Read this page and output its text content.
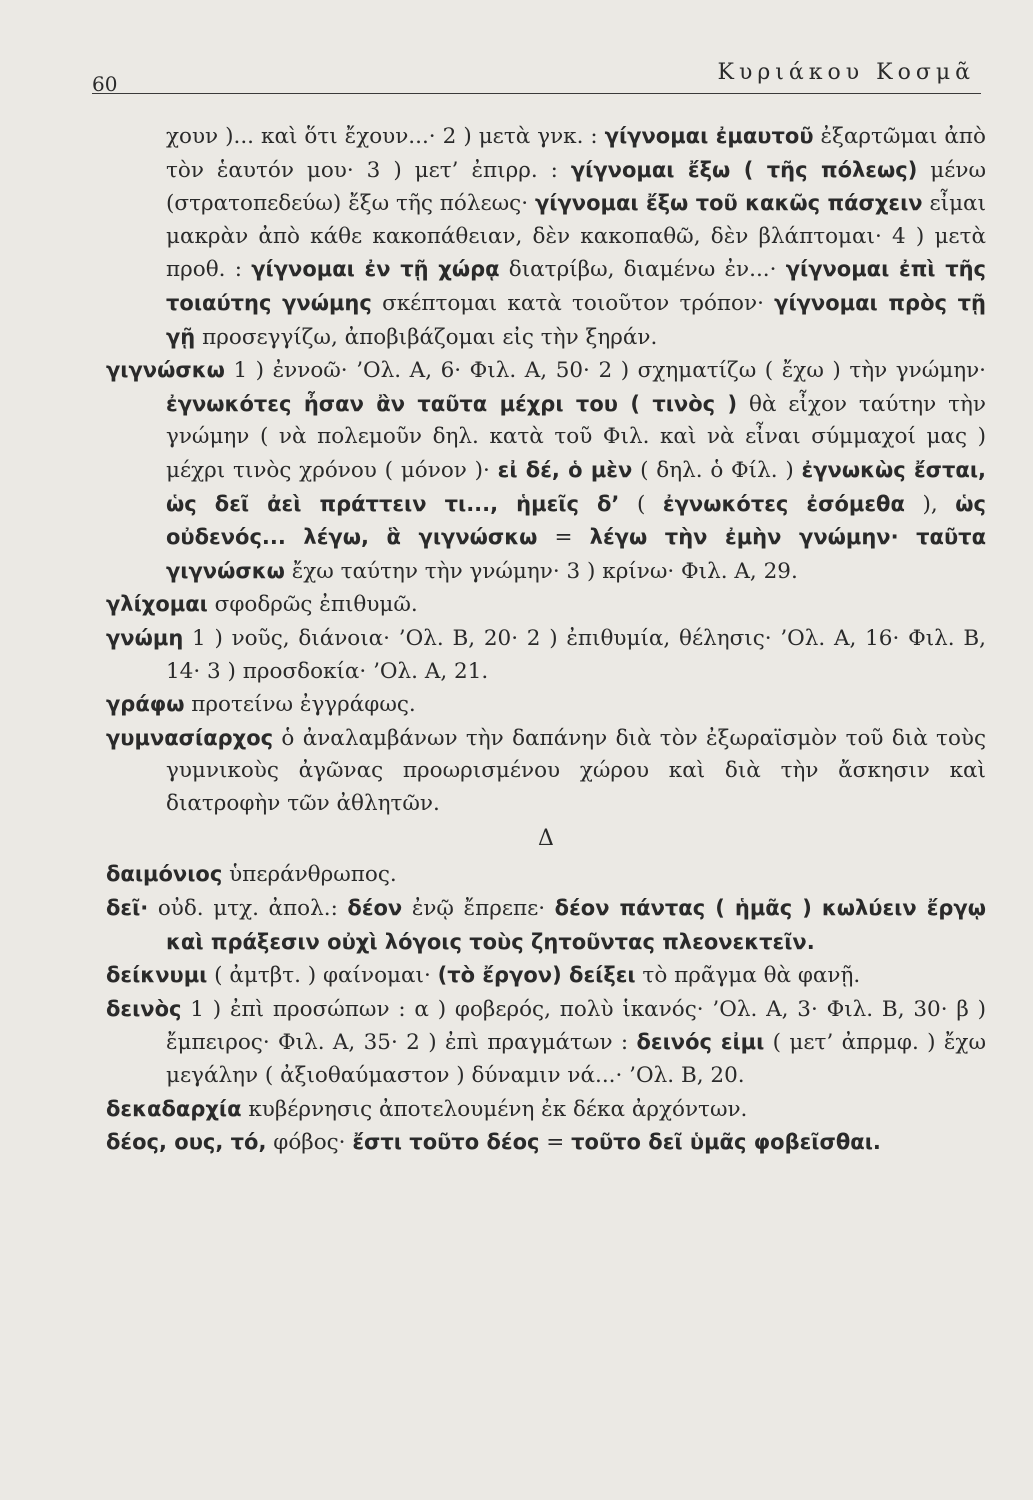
60	Κυριάκου Κοσμᾶ

χουν )... καὶ ὅτι ἔχουν...· 2 ) μετὰ γνκ. : γίγνομαι ἐμαυτοῦ ἐξαρτῶμαι ἀπὸ τὸν ἑαυτόν μου· 3 ) μετ’ ἐπιρρ. : γίγνομαι ἔξω ( τῆς πόλεως) μένω (στρατοπεδεύω) ἔξω τῆς πόλεως· γίγνομαι ἔξω τοῦ κακῶς πάσχειν εἶμαι μακρὰν ἀπὸ κάθε κακοπάθειαν, δὲν κακοπαθῶ, δὲν βλάπτομαι· 4 ) μετὰ προθ. : γίγνομαι ἐν τῇ χώρᾳ διατρίβω, διαμένω ἐν...· γίγνομαι ἐπὶ τῆς τοιαύτης γνώμης σκέπτομαι κατὰ τοιοῦτον τρόπον· γίγνομαι πρὸς τῇ γῇ προσεγγίζω, ἀποβιβάζομαι εἰς τὴν ξηράν.

γιγνώσκω 1 ) ἐννοῶ· ’Ολ. Α, 6· Φιλ. Α, 50· 2 ) σχηματίζω ( ἔχω ) τὴν γνώμην· ἐγνωκότες ἦσαν ἂν ταῦτα μέχρι του ( τινὸς ) θὰ εἶχον ταύτην τὴν γνώμην ( νὰ πολεμοῦν δηλ. κατὰ τοῦ Φιλ. καὶ νὰ εἶναι σύμμαχοί μας ) μέχρι τινὸς χρόνου ( μόνον )· εἰ δέ, ὁ μὲν ( δηλ. ὁ Φίλ. ) ἐγνωκὼς ἔσται, ὡς δεῖ ἀεὶ πράττειν τι..., ἡμεῖς δ’ ( ἐγνωκότες ἐσόμεθα ), ὡς οὐδενός... λέγω, ἃ γιγνώσκω = λέγω τὴν ἐμὴν γνώμην· ταῦτα γιγνώσκω ἔχω ταύτην τὴν γνώμην· 3 ) κρίνω· Φιλ. Α, 29.

γλίχομαι σφοδρῶς ἐπιθυμῶ.

γνώμη 1 ) νοῦς, διάνοια· ’Ολ. Β, 20· 2 ) ἐπιθυμία, θέλησις· ’Ολ. Α, 16· Φιλ. Β, 14· 3 ) προσδοκία· ’Ολ. Α, 21.

γράφω προτείνω ἐγγράφως.

γυμνασίαρχος ὁ ἀναλαμβάνων τὴν δαπάνην διὰ τὸν ἐξωραϊσμὸν τοῦ διὰ τοὺς γυμνικοὺς ἀγῶνας προωρισμένου χώρου καὶ διὰ τὴν ἄσκησιν καὶ διατροφὴν τῶν ἀθλητῶν.

Δ

δαιμόνιος ὑπεράνθρωπος.

δεῖ· οὐδ. μτχ. ἀπολ.: δέον ἐνῷ ἔπρεπε· δέον πάντας ( ἡμᾶς ) κωλύειν ἔργῳ καὶ πράξεσιν οὐχὶ λόγοις τοὺς ζητοῦντας πλεονεκτεῖν.

δείκνυμι ( ἀμτβτ. ) φαίνομαι· (τὸ ἔργον) δείξει τὸ πρᾶγμα θὰ φανῇ.

δεινὸς 1 ) ἐπὶ προσώπων : α ) φοβερός, πολὺ ἱκανός· ’Ολ. Α, 3· Φιλ. Β, 30· β ) ἔμπειρος· Φιλ. Α, 35· 2 ) ἐπὶ πραγμάτων : δεινός εἰμι ( μετ’ ἀπρμφ. ) ἔχω μεγάλην ( ἀξιοθαύμαστον ) δύναμιν νά...· ’Ολ. Β, 20.

δεκαδαρχία κυβέρνησις ἀποτελουμένη ἐκ δέκα ἀρχόντων.

δέος, ους, τό, φόβος· ἔστι τοῦτο δέος = τοῦτο δεῖ ὑμᾶς φοβεῖσθαι.
